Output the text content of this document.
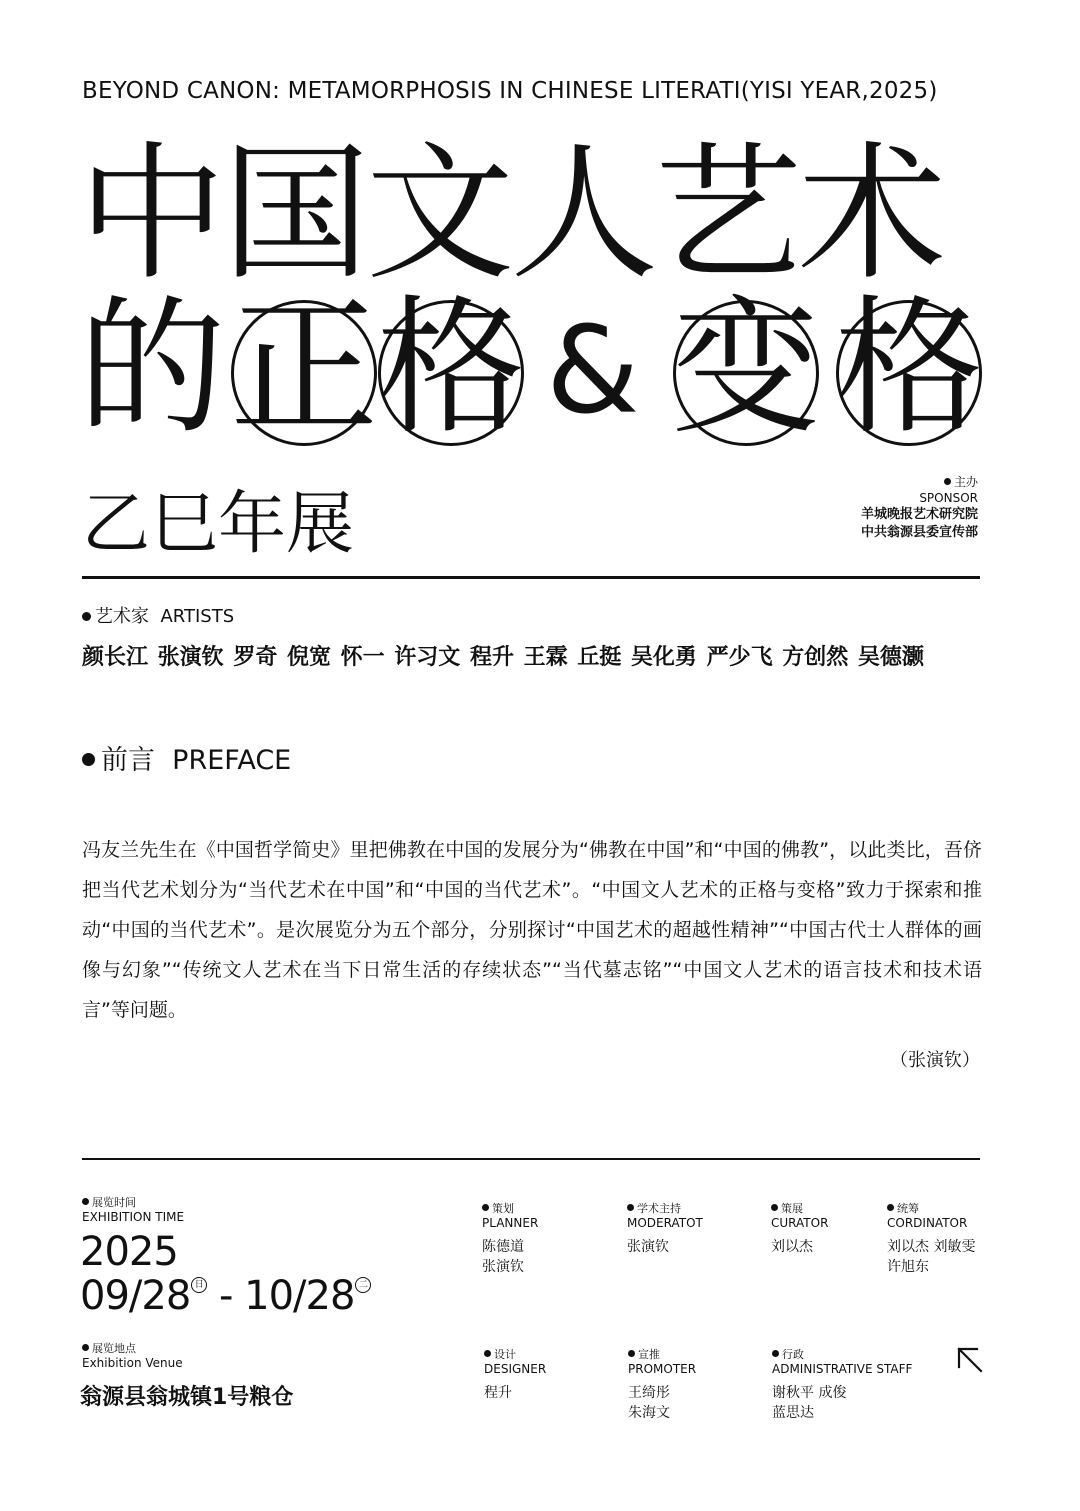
BEYOND CANON: METAMORPHOSIS IN CHINESE LITERATI(YISI YEAR,2025)
中国文人艺术
的 正 格 & 变 格
乙巳年展
主办
SPONSOR
羊城晚报艺术研究院
中共翁源县委宣传部
艺术家 ARTISTS
颜长江 张演钦 罗奇 倪宽 怀一 许习文 程升 王霖 丘挺 吴化勇 严少飞 方创然 吴德灏
前言 PREFACE
冯友兰先生在《中国哲学简史》里把佛教在中国的发展分为“佛教在中国”和“中国的佛教”，以此类比，吾侪把当代艺术划分为“当代艺术在中国”和“中国的当代艺术”。“中国文人艺术的正格与变格”致力于探索和推动“中国的当代艺术”。是次展览分为五个部分，分别探讨“中国艺术的超越性精神”“中国古代士人群体的画像与幻象”“传统文人艺术在当下日常生活的存续状态”“当代墓志铭”“中国文人艺术的语言技术和技术语言”等问题。
（张演钦）
展览时间
EXHIBITION TIME
2025
09/28 日 - 10/28 二
展览地点
Exhibition Venue
翁源县翁城镇1号粮仓
策划
PLANNER
陈德道
张演钦
学术主持
MODERATOT
张演钦
策展
CURATOR
刘以杰
统筹
CORDINATOR
刘以杰 刘敏雯
许旭东
设计
DESIGNER
程升
宣推
PROMOTER
王绮彤
朱海文
行政
ADMINISTRATIVE STAFF
谢秋平 成俊
蓝思达
